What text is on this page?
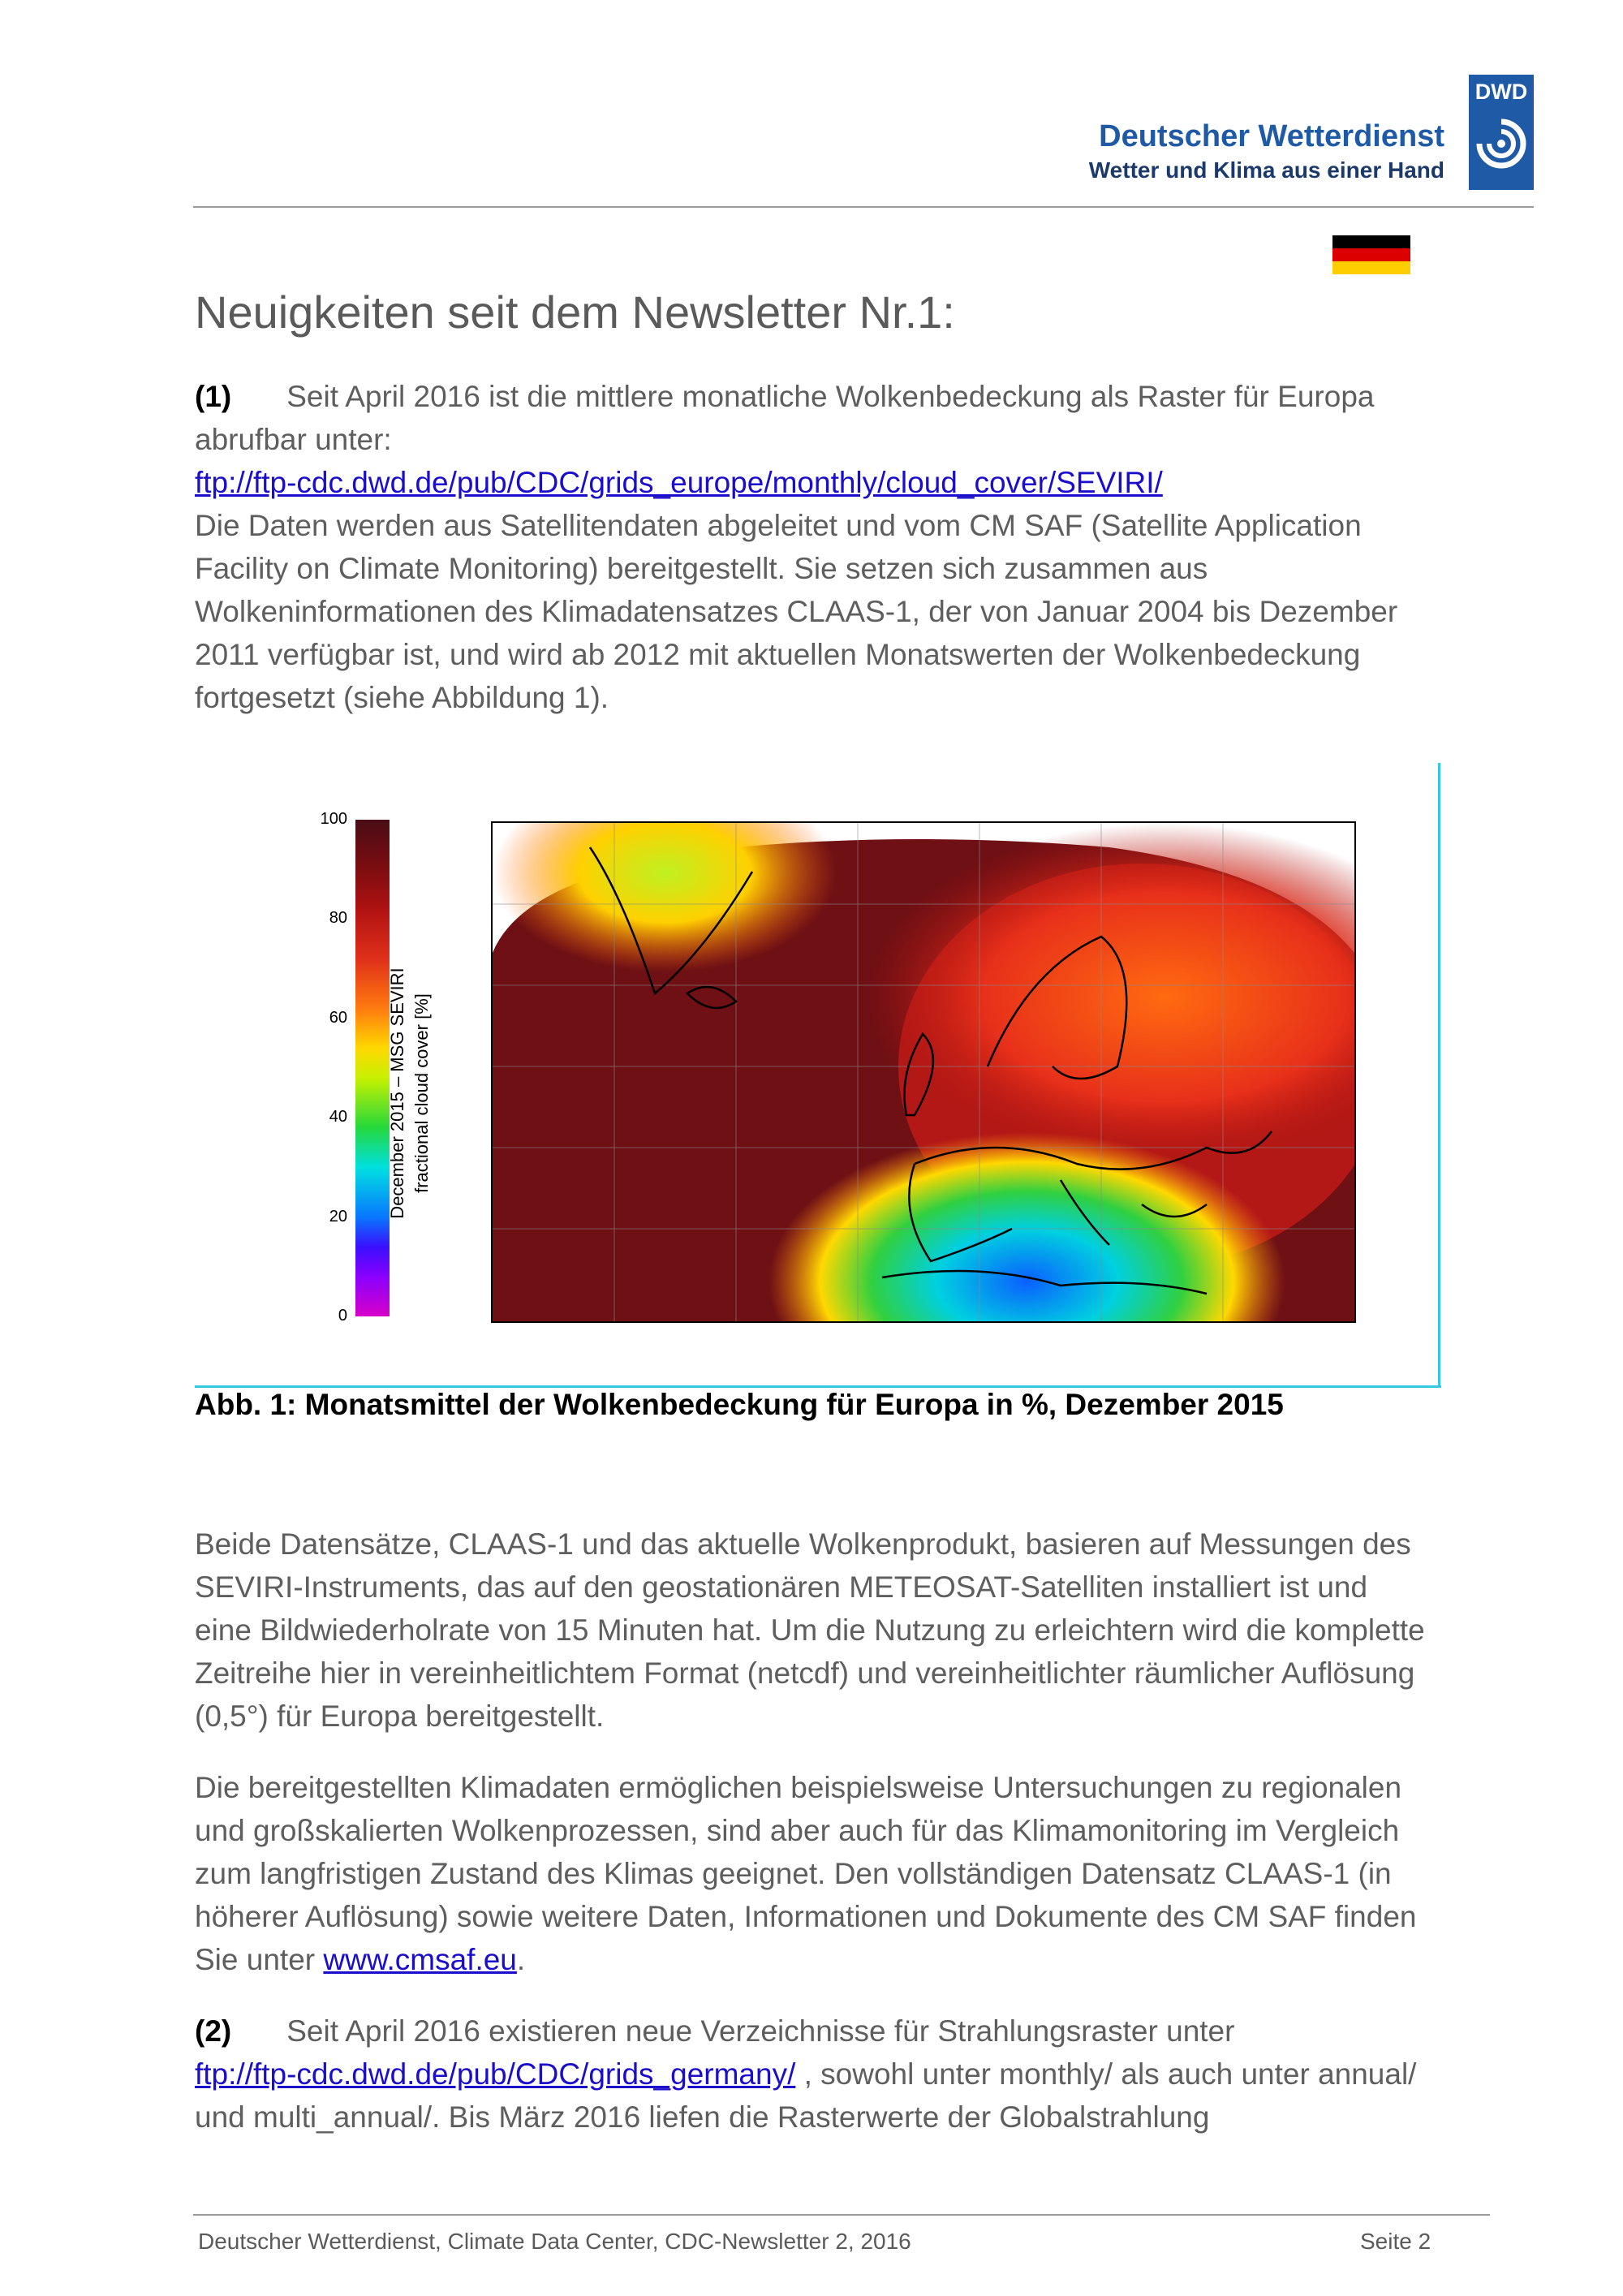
Deutscher Wetterdienst
Wetter und Klima aus einer Hand
DWD
Neuigkeiten seit dem Newsletter Nr.1:

(1) Seit April 2016 ist die mittlere monatliche Wolkenbedeckung als Raster für Europa abrufbar unter:
ftp://ftp-cdc.dwd.de/pub/CDC/grids_europe/monthly/cloud_cover/SEVIRI/
Die Daten werden aus Satellitendaten abgeleitet und vom CM SAF (Satellite Application Facility on Climate Monitoring) bereitgestellt. Sie setzen sich zusammen aus Wolkeninformationen des Klimadatensatzes CLAAS-1, der von Januar 2004 bis Dezember 2011 verfügbar ist, und wird ab 2012 mit aktuellen Monatswerten der Wolkenbedeckung fortgesetzt (siehe Abbildung 1).

100
80
60
40
20
0
December 2015 – MSG SEVIRI fractional cloud cover [%]
Abb. 1: Monatsmittel der Wolkenbedeckung für Europa in %, Dezember 2015

Beide Datensätze, CLAAS-1 und das aktuelle Wolkenprodukt, basieren auf Messungen des SEVIRI-Instruments, das auf den geostationären METEOSAT-Satelliten installiert ist und eine Bildwiederholrate von 15 Minuten hat. Um die Nutzung zu erleichtern wird die komplette Zeitreihe hier in vereinheitlichtem Format (netcdf) und vereinheitlichter räumlicher Auflösung (0,5°) für Europa bereitgestellt.

Die bereitgestellten Klimadaten ermöglichen beispielsweise Untersuchungen zu regionalen und großskalierten Wolkenprozessen, sind aber auch für das Klimamonitoring im Vergleich zum langfristigen Zustand des Klimas geeignet. Den vollständigen Datensatz CLAAS-1 (in höherer Auflösung) sowie weitere Daten, Informationen und Dokumente des CM SAF finden Sie unter www.cmsaf.eu.

(2) Seit April 2016 existieren neue Verzeichnisse für Strahlungsraster unter
ftp://ftp-cdc.dwd.de/pub/CDC/grids_germany/ , sowohl unter monthly/ als auch unter annual/ und multi_annual/. Bis März 2016 liefen die Rasterwerte der Globalstrahlung

Deutscher Wetterdienst, Climate Data Center, CDC-Newsletter 2, 2016	Seite 2
